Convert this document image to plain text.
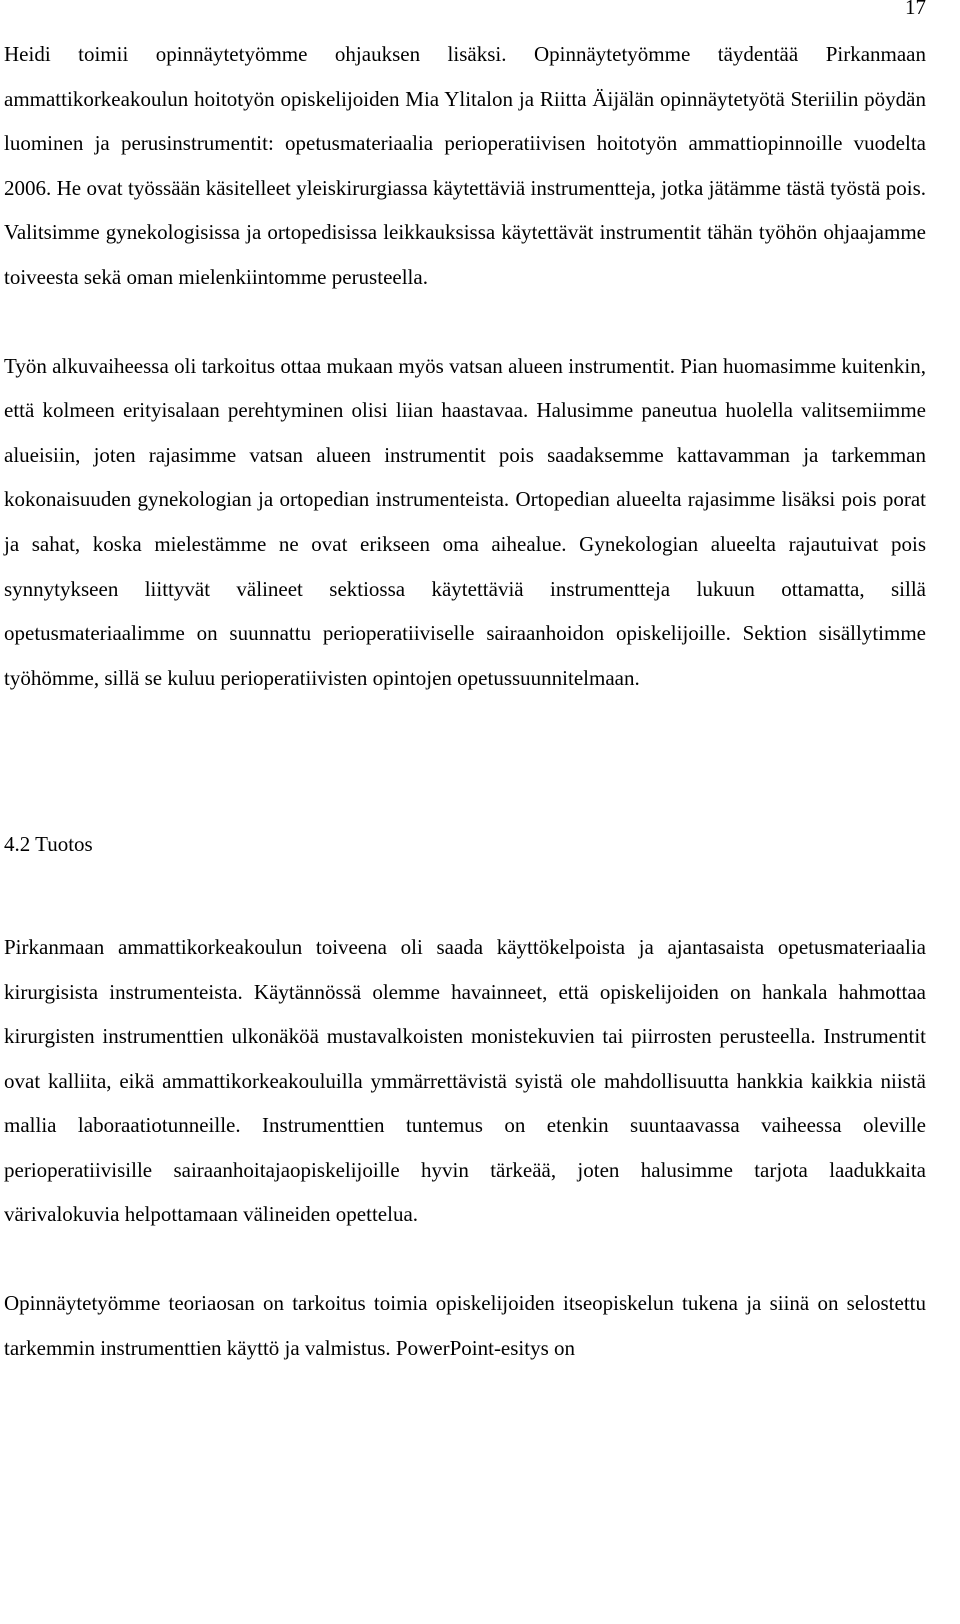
17

Heidi toimii opinnäytetyömme ohjauksen lisäksi. Opinnäytetyömme täydentää Pirkanmaan ammattikorkeakoulun hoitotyön opiskelijoiden Mia Ylitalon ja Riitta Äijälän opinnäytetyötä Steriilin pöydän luominen ja perusinstrumentit: opetusmateriaalia perioperatiivisen hoitotyön ammattiopinnoille vuodelta 2006. He ovat työssään käsitelleet yleiskirurgiassa käytettäviä instrumentteja, jotka jätämme tästä työstä pois. Valitsimme gynekologisissa ja ortopedisissa leikkauksissa käytettävät instrumentit tähän työhön ohjaajamme toiveesta sekä oman mielenkiintomme perusteella.

Työn alkuvaiheessa oli tarkoitus ottaa mukaan myös vatsan alueen instrumentit. Pian huomasimme kuitenkin, että kolmeen erityisalaan perehtyminen olisi liian haastavaa. Halusimme paneutua huolella valitsemiimme alueisiin, joten rajasimme vatsan alueen instrumentit pois saadaksemme kattavamman ja tarkemman kokonaisuuden gynekologian ja ortopedian instrumenteista. Ortopedian alueelta rajasimme lisäksi pois porat ja sahat, koska mielestämme ne ovat erikseen oma aihealue. Gynekologian alueelta rajautuivat pois synnytykseen liittyvät välineet sektiossa käytettäviä instrumentteja lukuun ottamatta, sillä opetusmateriaalimme on suunnattu perioperatiiviselle sairaanhoidon opiskelijoille. Sektion sisällytimme työhömme, sillä se kuluu perioperatiivisten opintojen opetussuunnitelmaan.

4.2 Tuotos

Pirkanmaan ammattikorkeakoulun toiveena oli saada käyttökelpoista ja ajantasaista opetusmateriaalia kirurgisista instrumenteista. Käytännössä olemme havainneet, että opiskelijoiden on hankala hahmottaa kirurgisten instrumenttien ulkonäköä mustavalkoisten monistekuvien tai piirrosten perusteella. Instrumentit ovat kalliita, eikä ammattikorkeakouluilla ymmärrettävistä syistä ole mahdollisuutta hankkia kaikkia niistä mallia laboraatiotunneille. Instrumenttien tuntemus on etenkin suuntaavassa vaiheessa oleville perioperatiivisille sairaanhoitajaopiskelijoille hyvin tärkeää, joten halusimme tarjota laadukkaita värivalokuvia helpottamaan välineiden opettelua.

Opinnäytetyömme teoriaosan on tarkoitus toimia opiskelijoiden itseopiskelun tukena ja siinä on selostettu tarkemmin instrumenttien käyttö ja valmistus. PowerPoint-esitys on
